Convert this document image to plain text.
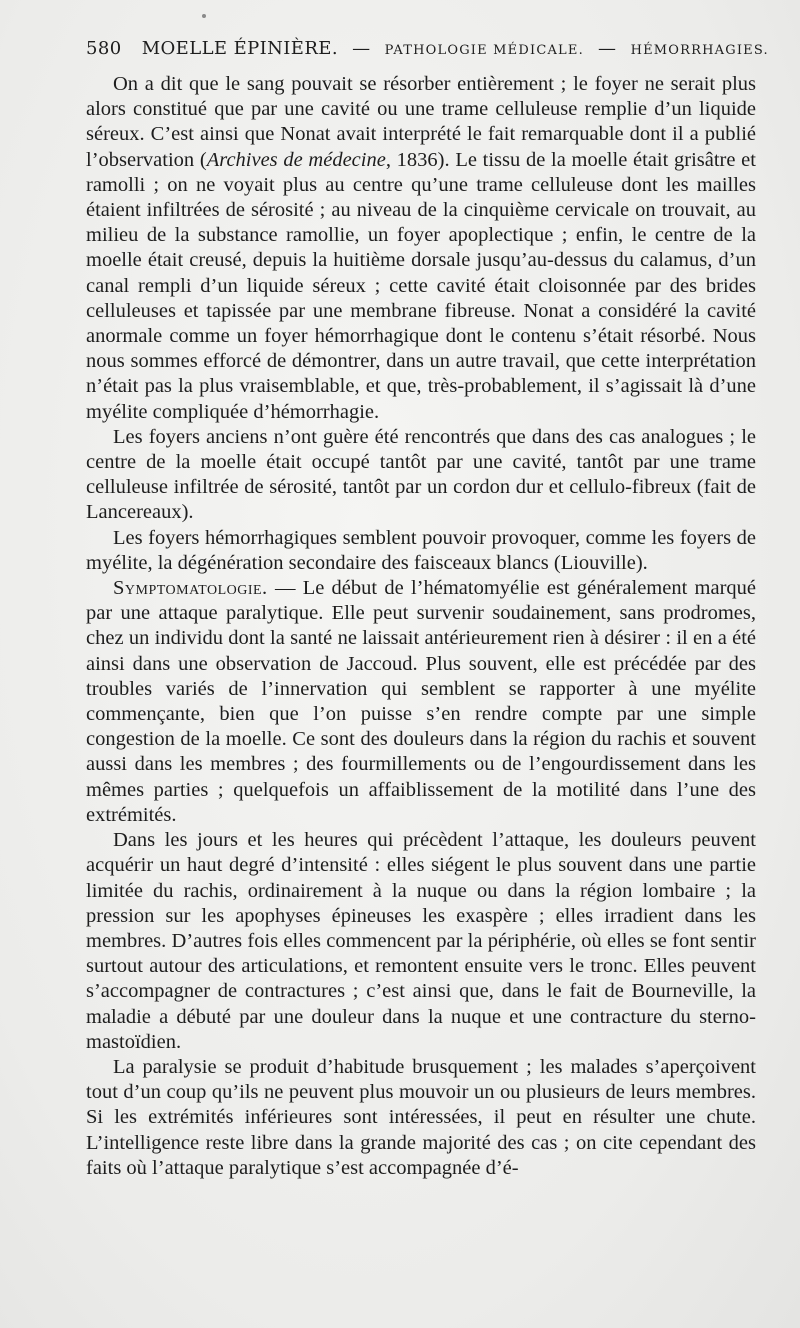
580 MOELLE ÉPINIÈRE. — PATHOLOGIE MÉDICALE. — HÉMORRHAGIES.

On a dit que le sang pouvait se résorber entièrement ; le foyer ne serait plus alors constitué que par une cavité ou une trame celluleuse remplie d’un liquide séreux. C’est ainsi que Nonat avait interprété le fait remarquable dont il a publié l’observation (Archives de médecine, 1836). Le tissu de la moelle était grisâtre et ramolli ; on ne voyait plus au centre qu’une trame celluleuse dont les mailles étaient infiltrées de sérosité ; au niveau de la cinquième cervicale on trouvait, au milieu de la substance ramollie, un foyer apoplectique ; enfin, le centre de la moelle était creusé, depuis la huitième dorsale jusqu’au-dessus du calamus, d’un canal rempli d’un liquide séreux ; cette cavité était cloisonnée par des brides celluleuses et tapissée par une membrane fibreuse. Nonat a considéré la cavité anormale comme un foyer hémorrhagique dont le contenu s’était résorbé. Nous nous sommes efforcé de démontrer, dans un autre travail, que cette interprétation n’était pas la plus vraisemblable, et que, très-probablement, il s’agissait là d’une myélite compliquée d’hémorrhagie.

Les foyers anciens n’ont guère été rencontrés que dans des cas analogues ; le centre de la moelle était occupé tantôt par une cavité, tantôt par une trame celluleuse infiltrée de sérosité, tantôt par un cordon dur et cellulo-fibreux (fait de Lancereaux).

Les foyers hémorrhagiques semblent pouvoir provoquer, comme les foyers de myélite, la dégénération secondaire des faisceaux blancs (Liouville).

Symptomatologie. — Le début de l’hématomyélie est généralement marqué par une attaque paralytique. Elle peut survenir soudainement, sans prodromes, chez un individu dont la santé ne laissait antérieurement rien à désirer : il en a été ainsi dans une observation de Jaccoud. Plus souvent, elle est précédée par des troubles variés de l’innervation qui semblent se rapporter à une myélite commençante, bien que l’on puisse s’en rendre compte par une simple congestion de la moelle. Ce sont des douleurs dans la région du rachis et souvent aussi dans les membres ; des fourmillements ou de l’engourdissement dans les mêmes parties ; quelquefois un affaiblissement de la motilité dans l’une des extrémités.

Dans les jours et les heures qui précèdent l’attaque, les douleurs peuvent acquérir un haut degré d’intensité : elles siégent le plus souvent dans une partie limitée du rachis, ordinairement à la nuque ou dans la région lombaire ; la pression sur les apophyses épineuses les exaspère ; elles irradient dans les membres. D’autres fois elles commencent par la périphérie, où elles se font sentir surtout autour des articulations, et remontent ensuite vers le tronc. Elles peuvent s’accompagner de contractures ; c’est ainsi que, dans le fait de Bourneville, la maladie a débuté par une douleur dans la nuque et une contracture du sterno-mastoïdien.

La paralysie se produit d’habitude brusquement ; les malades s’aperçoivent tout d’un coup qu’ils ne peuvent plus mouvoir un ou plusieurs de leurs membres. Si les extrémités inférieures sont intéressées, il peut en résulter une chute. L’intelligence reste libre dans la grande majorité des cas ; on cite cependant des faits où l’attaque paralytique s’est accompagnée d’é-
